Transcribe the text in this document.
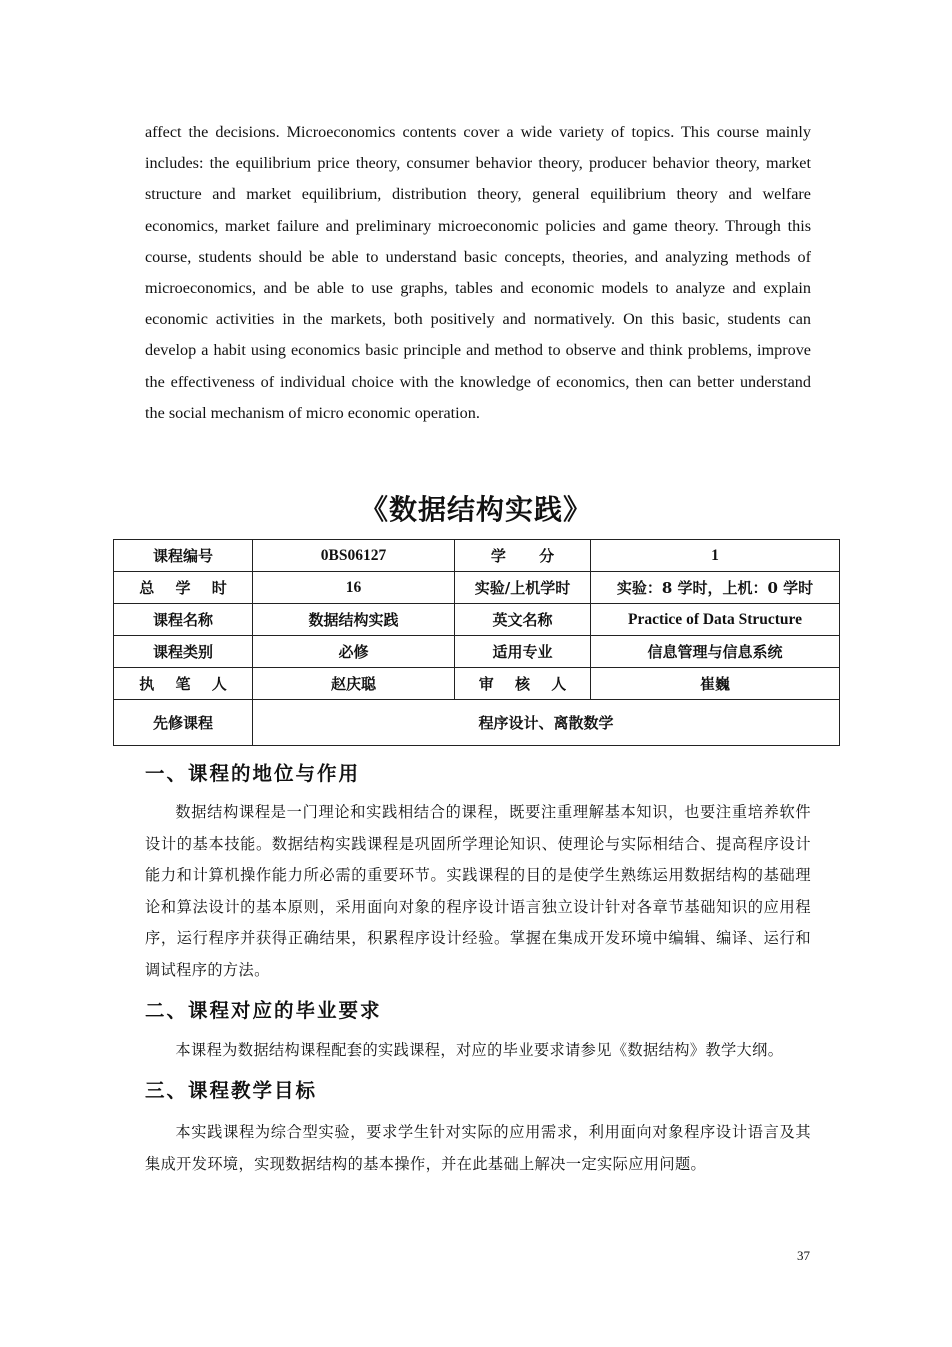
affect the decisions. Microeconomics contents cover a wide variety of topics. This course mainly includes: the equilibrium price theory, consumer behavior theory, producer behavior theory, market structure and market equilibrium, distribution theory, general equilibrium theory and welfare economics, market failure and preliminary microeconomic policies and game theory. Through this course, students should be able to understand basic concepts, theories, and analyzing methods of microeconomics, and be able to use graphs, tables and economic models to analyze and explain economic activities in the markets, both positively and normatively. On this basic, students can develop a habit using economics basic principle and method to observe and think problems, improve the effectiveness of individual choice with the knowledge of economics, then can better understand the social mechanism of micro economic operation.

《数据结构实践》
课程编号	0BS06127	学 分	1
总 学 时	16	实验/上机学时	实验：8 学时，上机：0 学时
课程名称	数据结构实践	英文名称	Practice of Data Structure
课程类别	必修	适用专业	信息管理与信息系统
执 笔 人	赵庆聪	审 核 人	崔巍
先修课程	程序设计、离散数学		
一、课程的地位与作用

数据结构课程是一门理论和实践相结合的课程，既要注重理解基本知识，也要注重培养软件设计的基本技能。数据结构实践课程是巩固所学理论知识、使理论与实际相结合、提高程序设计能力和计算机操作能力所必需的重要环节。实践课程的目的是使学生熟练运用数据结构的基础理论和算法设计的基本原则，采用面向对象的程序设计语言独立设计针对各章节基础知识的应用程序，运行程序并获得正确结果，积累程序设计经验。掌握在集成开发环境中编辑、编译、运行和调试程序的方法。

二、课程对应的毕业要求

本课程为数据结构课程配套的实践课程，对应的毕业要求请参见《数据结构》教学大纲。

三、课程教学目标

本实践课程为综合型实验，要求学生针对实际的应用需求，利用面向对象程序设计语言及其集成开发环境，实现数据结构的基本操作，并在此基础上解决一定实际应用问题。

37
